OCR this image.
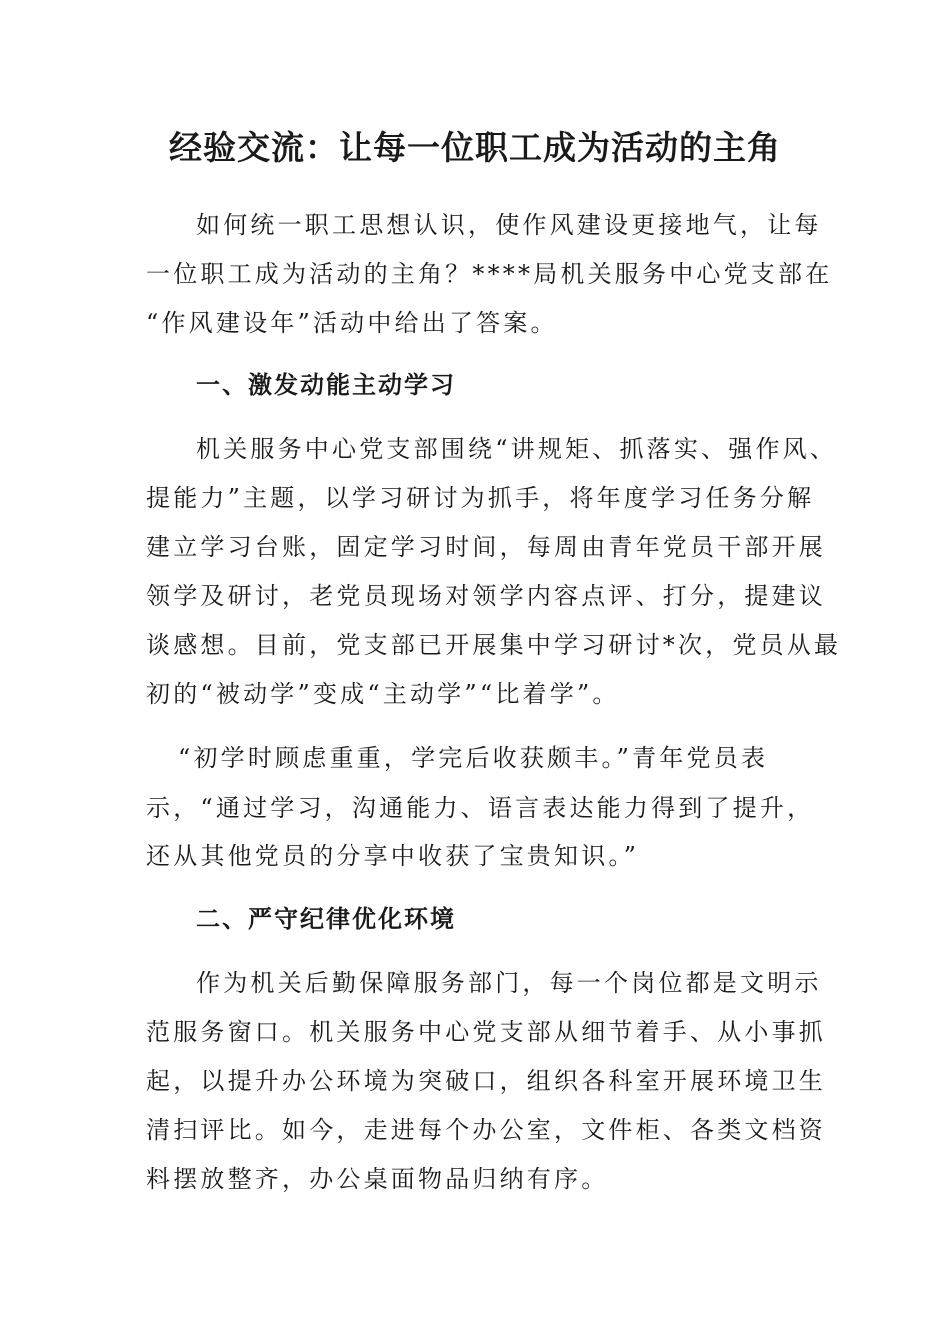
经验交流：让每一位职工成为活动的主角
如何统一职工思想认识，使作风建设更接地气，让每
一位职工成为活动的主角？****局机关服务中心党支部在
“作风建设年”活动中给出了答案。
一、激发动能主动学习
机关服务中心党支部围绕“讲规矩、抓落实、强作风、
提能力”主题，以学习研讨为抓手，将年度学习任务分解
建立学习台账，固定学习时间，每周由青年党员干部开展
领学及研讨，老党员现场对领学内容点评、打分，提建议
谈感想。目前，党支部已开展集中学习研讨*次，党员从最
初的“被动学”变成“主动学”“比着学”。
“初学时顾虑重重，学完后收获颇丰。”青年党员表
示，“通过学习，沟通能力、语言表达能力得到了提升，
还从其他党员的分享中收获了宝贵知识。”
二、严守纪律优化环境
作为机关后勤保障服务部门，每一个岗位都是文明示
范服务窗口。机关服务中心党支部从细节着手、从小事抓
起，以提升办公环境为突破口，组织各科室开展环境卫生
清扫评比。如今，走进每个办公室，文件柜、各类文档资
料摆放整齐，办公桌面物品归纳有序。
